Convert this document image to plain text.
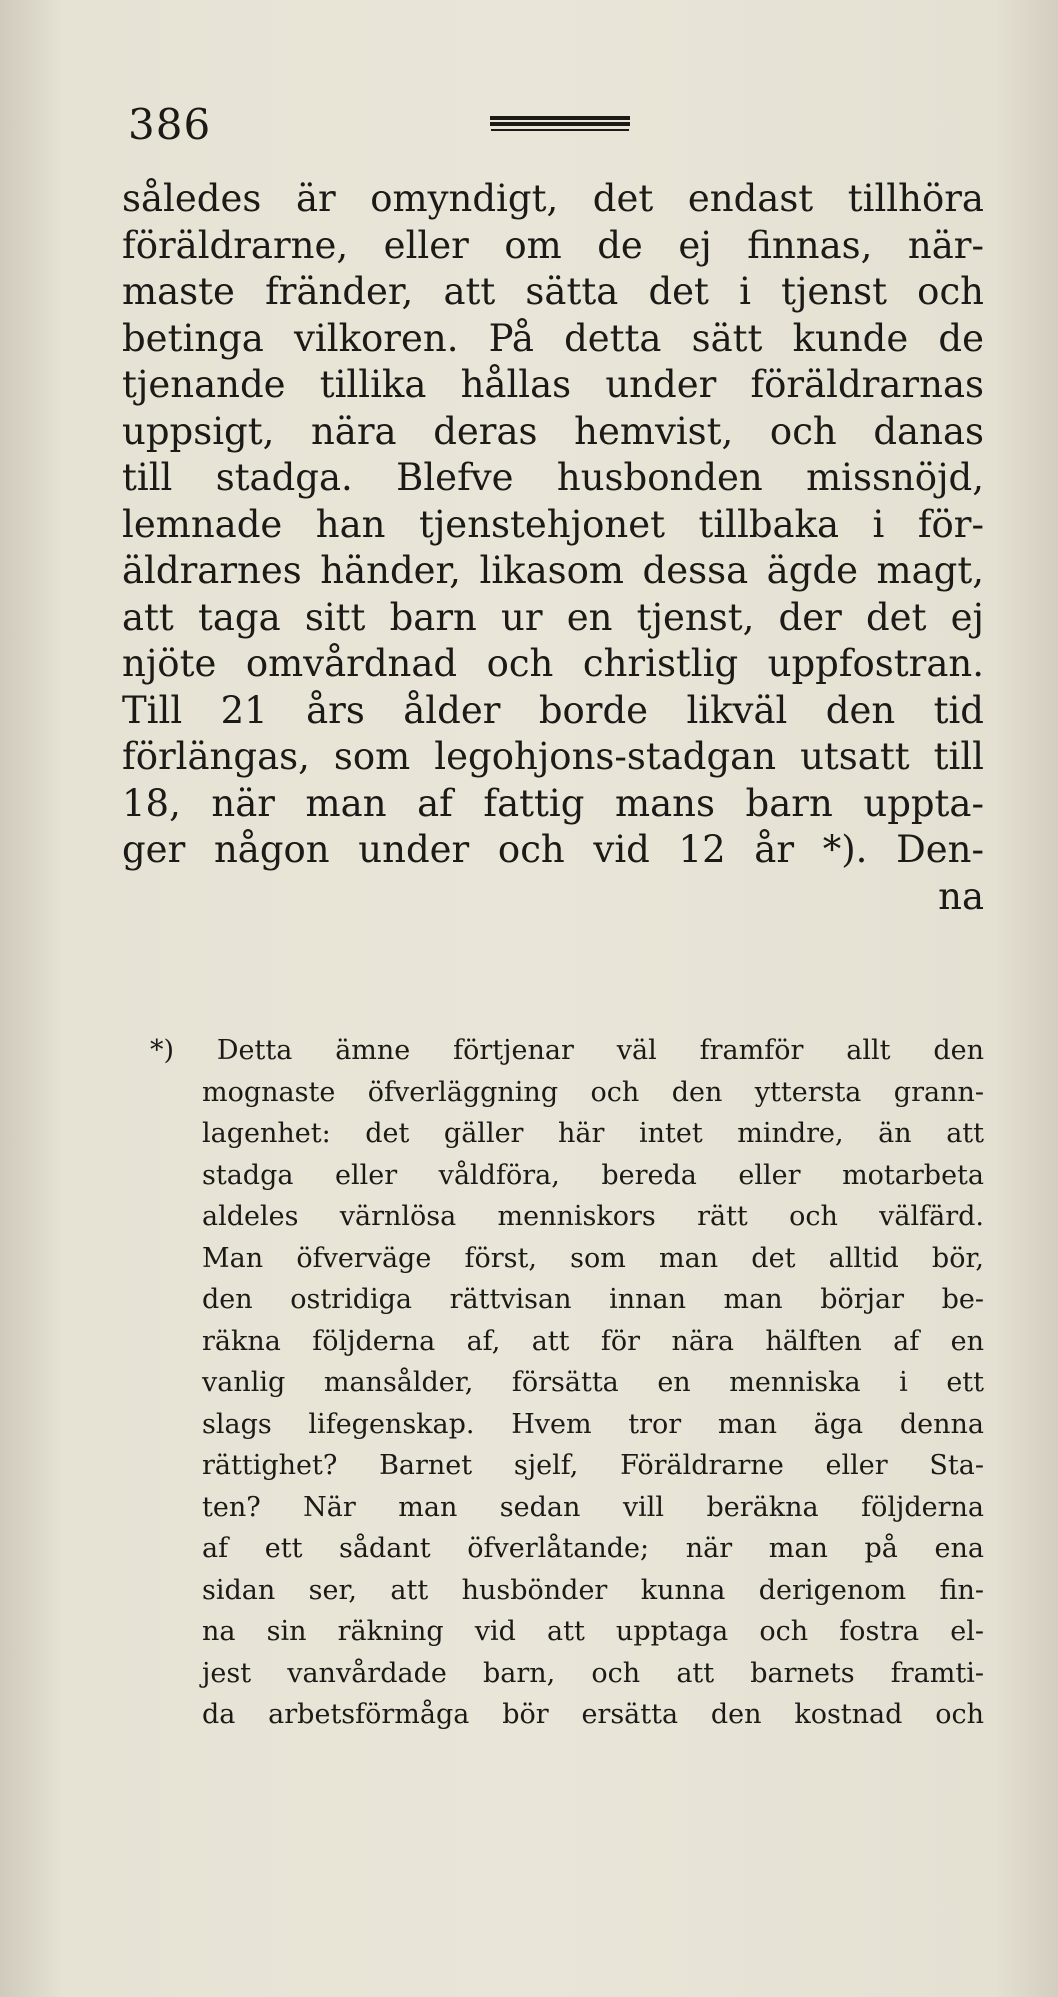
386
således är omyndigt, det endast tillhöra
föräldrarne, eller om de ej finnas, när-
maste fränder, att sätta det i tjenst och
betinga vilkoren. På detta sätt kunde de
tjenande tillika hållas under föräldrarnas
uppsigt, nära deras hemvist, och danas
till stadga. Blefve husbonden missnöjd,
lemnade han tjenstehjonet tillbaka i för-
äldrarnes händer, likasom dessa ägde magt,
att taga sitt barn ur en tjenst, der det ej
njöte omvårdnad och christlig uppfostran.
Till 21 års ålder borde likväl den tid
förlängas, som legohjons-stadgan utsatt till
18, när man af fattig mans barn uppta-
ger någon under och vid 12 år *). Den-
na
*) Detta ämne förtjenar väl framför allt den
mognaste öfverläggning och den yttersta grann-
lagenhet: det gäller här intet mindre, än att
stadga eller våldföra, bereda eller motarbeta
aldeles värnlösa menniskors rätt och välfärd.
Man öfverväge först, som man det alltid bör,
den ostridiga rättvisan innan man börjar be-
räkna följderna af, att för nära hälften af en
vanlig mansålder, försätta en menniska i ett
slags lifegenskap. Hvem tror man äga denna
rättighet? Barnet sjelf, Föräldrarne eller Sta-
ten? När man sedan vill beräkna följderna
af ett sådant öfverlåtande; när man på ena
sidan ser, att husbönder kunna derigenom fin-
na sin räkning vid att upptaga och fostra el-
jest vanvårdade barn, och att barnets framti-
da arbetsförmåga bör ersätta den kostnad och
